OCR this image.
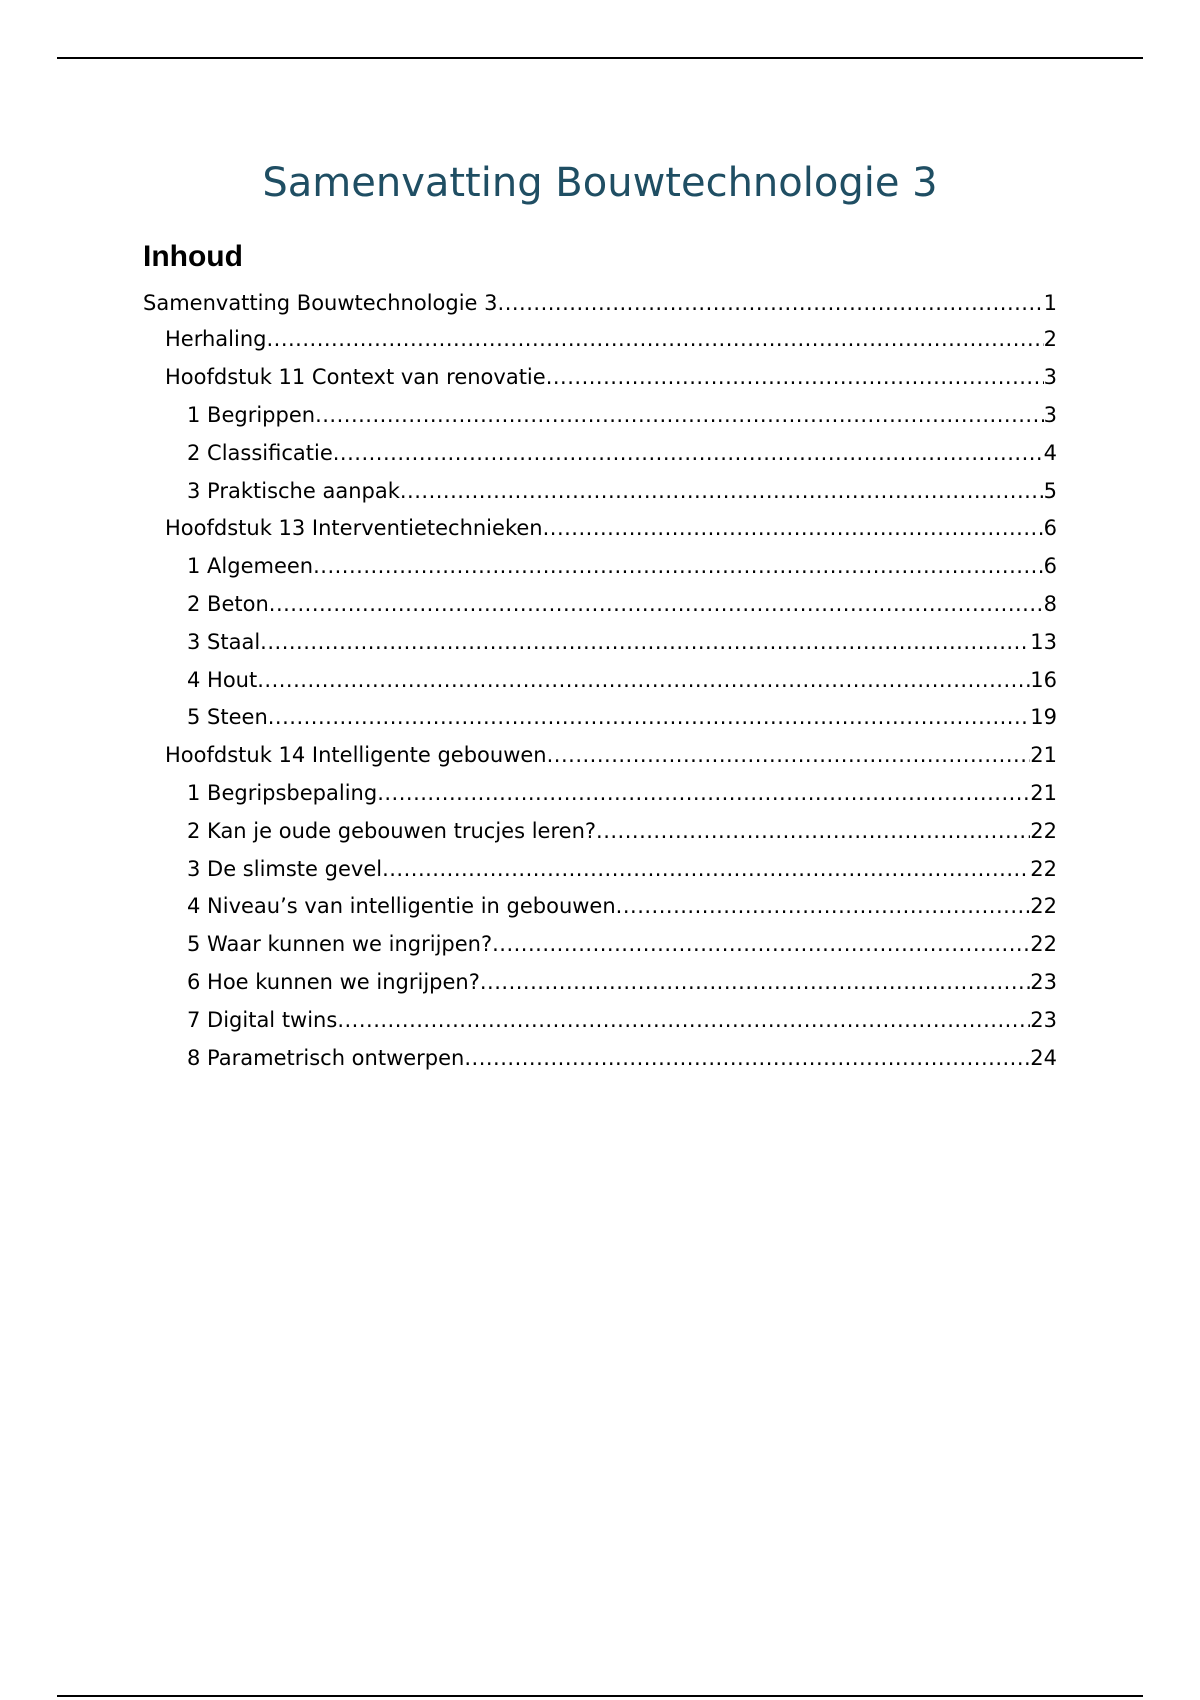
Samenvatting Bouwtechnologie 3
Inhoud
Samenvatting Bouwtechnologie 3 .....	1
Herhaling .....	2
Hoofdstuk 11 Context van renovatie .....	3
1 Begrippen .....	3
2 Classificatie .....	4
3 Praktische aanpak .....	5
Hoofdstuk 13 Interventietechnieken .....	6
1 Algemeen .....	6
2 Beton .....	8
3 Staal .....	13
4 Hout .....	16
5 Steen .....	19
Hoofdstuk 14 Intelligente gebouwen .....	21
1 Begripsbepaling .....	21
2 Kan je oude gebouwen trucjes leren? .....	22
3 De slimste gevel .....	22
4 Niveau’s van intelligentie in gebouwen .....	22
5 Waar kunnen we ingrijpen? .....	22
6 Hoe kunnen we ingrijpen? .....	23
7 Digital twins .....	23
8 Parametrisch ontwerpen .....	24
